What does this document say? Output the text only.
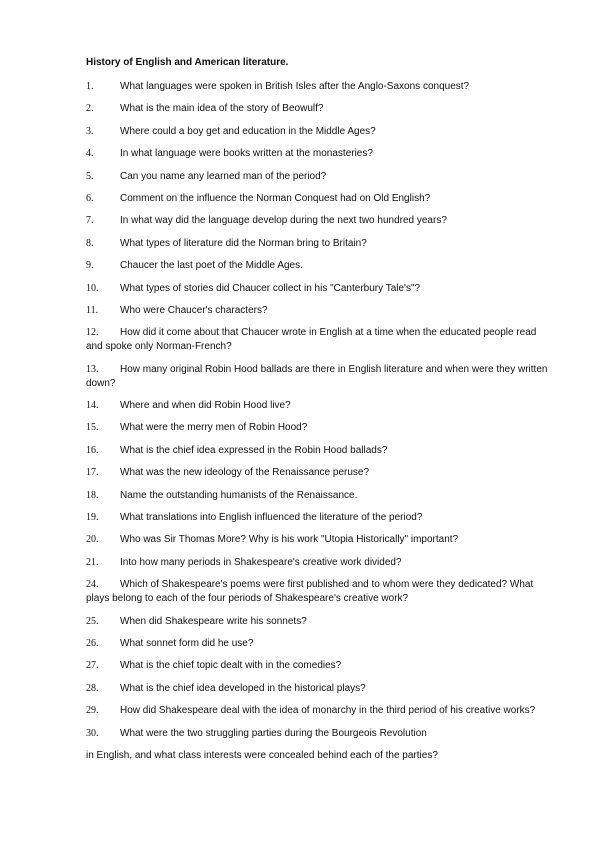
History of English and American literature.
1.	What languages were spoken in British Isles after the Anglo-Saxons conquest?
2.	What is the main idea of the story of Beowulf?
3.	Where could a boy get and education in the Middle Ages?
4.	In what language were books written at the monasteries?
5.	Can you name any learned man of the period?
6.	Comment on the influence the Norman Conquest had on Old English?
7.	In what way did the language develop during the next two hundred years?
8.	What types of literature did the Norman bring to Britain?
9.	Chaucer the last poet of the Middle Ages.
10. What types of stories did Chaucer collect in his "Canterbury Tale's"?
11. Who were Chaucer's characters?
12. How did it come about that Chaucer wrote in English at a time when the educated people read and spoke only Norman-French?
13. How many original Robin Hood ballads are there in English literature and when were they written down?
14. Where and when did Robin Hood live?
15. What were the merry men of Robin Hood?
16. What is the chief idea expressed in the Robin Hood ballads?
17. What was the new ideology of the Renaissance peruse?
18. Name the outstanding humanists of the Renaissance.
19. What translations into English influenced the literature of the period?
20. Who was Sir Thomas More? Why is his work "Utopia Historically" important?
21. Into how many periods in Shakespeare's creative work divided?
24. Which of Shakespeare's poems were first published and to whom were they dedicated? What plays belong to each of the four periods of Shakespeare's creative work?
25. When did Shakespeare write his sonnets?
26. What sonnet form did he use?
27. What is the chief topic dealt with in the comedies?
28. What is the chief idea developed in the historical plays?
29. How did Shakespeare deal with the idea of monarchy in the third period of his creative works?
30. What were the two struggling parties during the Bourgeois Revolution
in English, and what class interests were concealed behind each of the parties?
